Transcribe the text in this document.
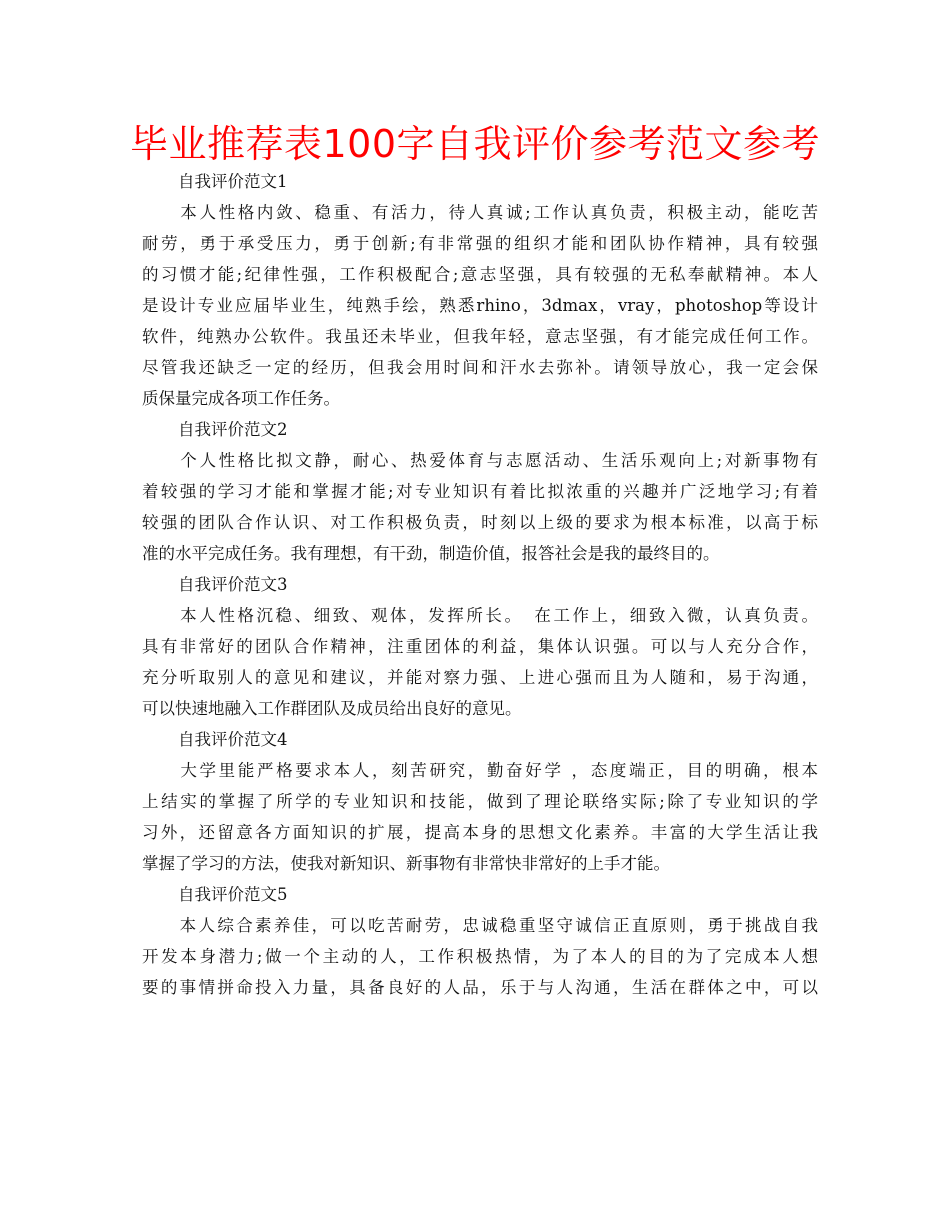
毕业推荐表100字自我评价参考范文参考
自我评价范文1
　　本人性格内敛、稳重、有活力，待人真诚;工作认真负责，积极主动，能吃苦
耐劳，勇于承受压力，勇于创新;有非常强的组织才能和团队协作精神，具有较强
的习惯才能;纪律性强，工作积极配合;意志坚强，具有较强的无私奉献精神。本人
是设计专业应届毕业生，纯熟手绘，熟悉rhino，3dmax，vray，photoshop等设计
软件，纯熟办公软件。我虽还未毕业，但我年轻，意志坚强，有才能完成任何工作。
尽管我还缺乏一定的经历，但我会用时间和汗水去弥补。请领导放心，我一定会保
质保量完成各项工作任务。
自我评价范文2
　　个人性格比拟文静，耐心、热爱体育与志愿活动、生活乐观向上;对新事物有
着较强的学习才能和掌握才能;对专业知识有着比拟浓重的兴趣并广泛地学习;有着
较强的团队合作认识、对工作积极负责，时刻以上级的要求为根本标准，以高于标
准的水平完成任务。我有理想，有干劲，制造价值，报答社会是我的最终目的。
自我评价范文3
　　本人性格沉稳、细致、观体，发挥所长。　在工作上，细致入微，认真负责。
具有非常好的团队合作精神，注重团体的利益，集体认识强。可以与人充分合作，
充分听取别人的意见和建议，并能对察力强、上进心强而且为人随和，易于沟通，
可以快速地融入工作群团队及成员给出良好的意见。
自我评价范文4
　　大学里能严格要求本人，刻苦研究，勤奋好学 ，态度端正，目的明确，根本
上结实的掌握了所学的专业知识和技能，做到了理论联络实际;除了专业知识的学
习外，还留意各方面知识的扩展，提高本身的思想文化素养。丰富的大学生活让我
掌握了学习的方法，使我对新知识、新事物有非常快非常好的上手才能。
自我评价范文5
　　本人综合素养佳，可以吃苦耐劳，忠诚稳重坚守诚信正直原则，勇于挑战自我
开发本身潜力;做一个主动的人，工作积极热情，为了本人的目的为了完成本人想
要的事情拼命投入力量，具备良好的人品，乐于与人沟通，生活在群体之中，可以
